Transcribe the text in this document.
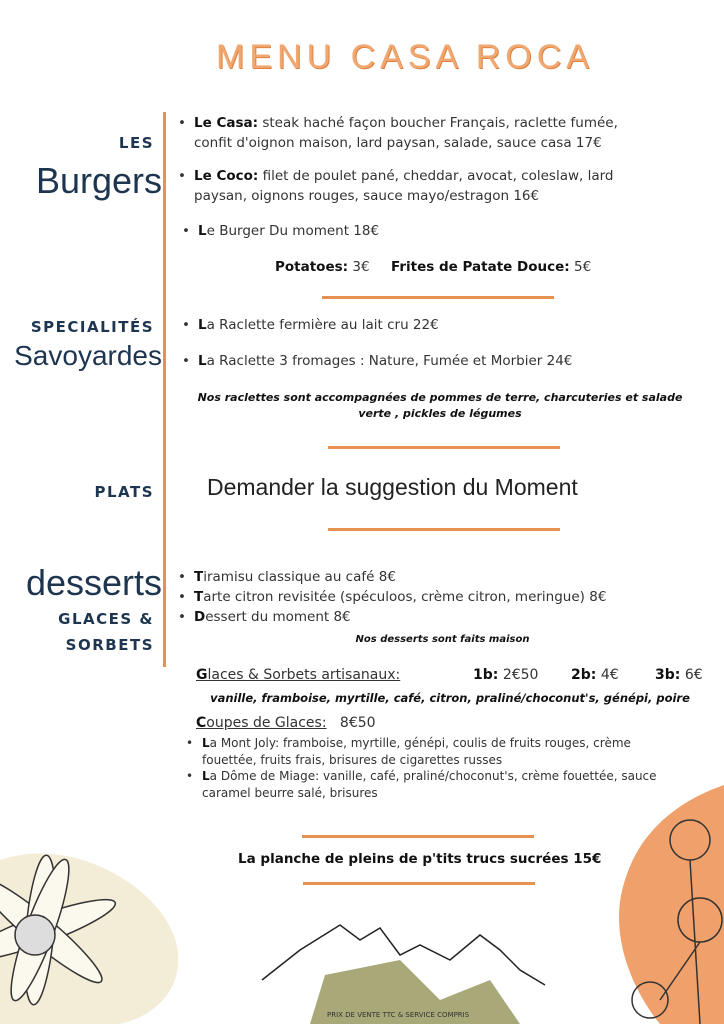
MENU CASA ROCA
LES
Burgers
• Le Casa: steak haché façon boucher Français, raclette fumée,
confit d'oignon maison, lard paysan, salade, sauce casa 17€
• Le Coco: filet de poulet pané, cheddar, avocat, coleslaw, lard
paysan, oignons rouges, sauce mayo/estragon 16€
• Le Burger Du moment 18€
Potatoes: 3€ Frites de Patate Douce: 5€
SPECIALITÉS
Savoyardes
• La Raclette fermière au lait cru 22€
• La Raclette 3 fromages : Nature, Fumée et Morbier 24€
Nos raclettes sont accompagnées de pommes de terre, charcuteries et salade
verte , pickles de légumes
PLATS Demander la suggestion du Moment
desserts
GLACES &
SORBETS
• Tiramisu classique au café 8€
• Tarte citron revisitée (spéculoos, crème citron, meringue) 8€
• Dessert du moment 8€
Nos desserts sont faits maison
Glaces & Sorbets artisanaux:	1b: 2€50 2b: 4€	3b: 6€
vanille, framboise, myrtille, café, citron, praliné/choconut's, génépi, poire
Coupes de Glaces: 8€50
• La Mont Joly: framboise, myrtille, génépi, coulis de fruits rouges, crème
fouettée, fruits frais, brisures de cigarettes russes
• La Dôme de Miage: vanille, café, praliné/choconut's, crème fouettée, sauce
caramel beurre salé, brisures
La planche de pleins de p'tits trucs sucrées 15€
PRIX DE VENTE TTC & SERVICE COMPRIS
